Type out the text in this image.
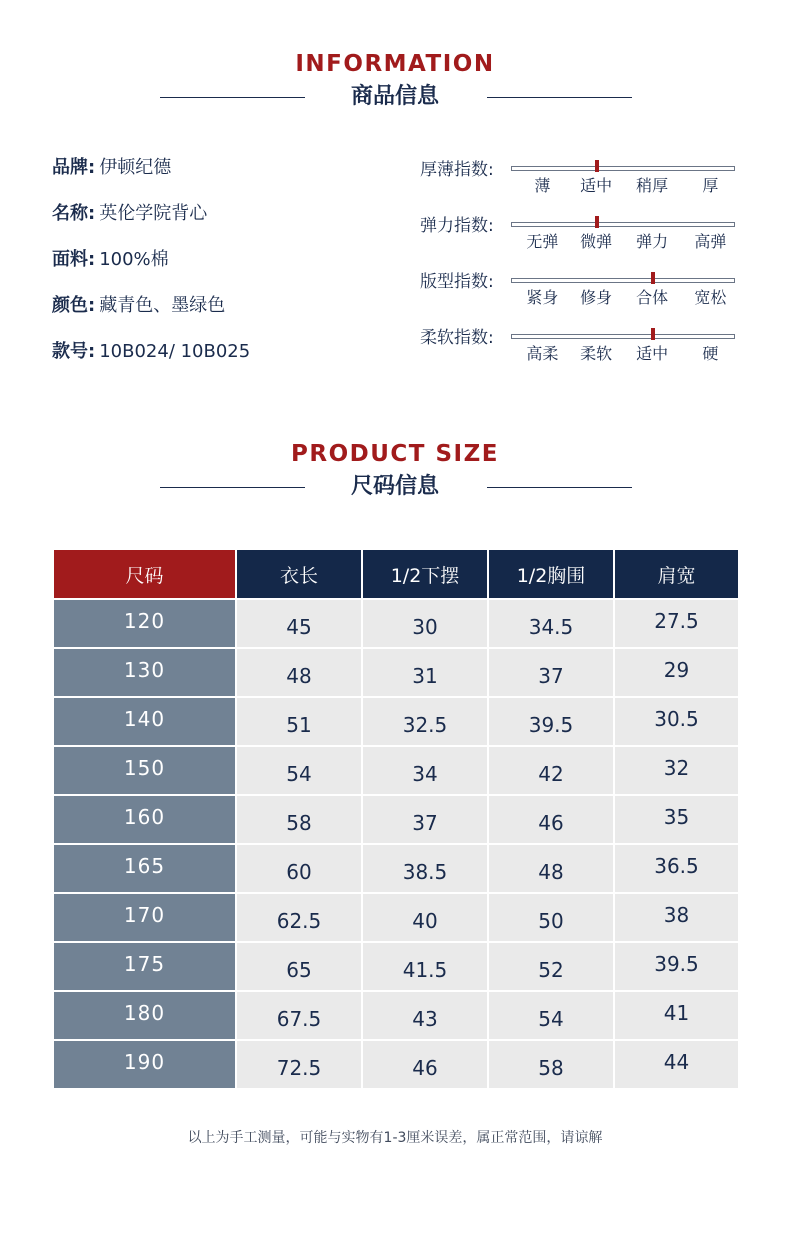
INFORMATION
商品信息
品牌: 伊顿纪德
名称: 英伦学院背心
面料: 100%棉
颜色: 藏青色、墨绿色
款号: 10B024/ 10B025
厚薄指数:
薄 适中 稍厚 厚
弹力指数:
无弹 微弹 弹力 高弹
版型指数:
紧身 修身 合体 宽松
柔软指数:
高柔 柔软 适中 硬
PRODUCT SIZE
尺码信息
尺码	衣长	1/2下摆	1/2胸围	肩宽

120	45	30	34.5	27.5

130	48	31	37	29

140	51	32.5	39.5	30.5

150	54	34	42	32

160	58	37	46	35

165	60	38.5	48	36.5

170	62.5	40	50	38

175	65	41.5	52	39.5

180	67.5	43	54	41

190	72.5	46	58	44
以上为手工测量，可能与实物有1-3厘米误差，属正常范围，请谅解
